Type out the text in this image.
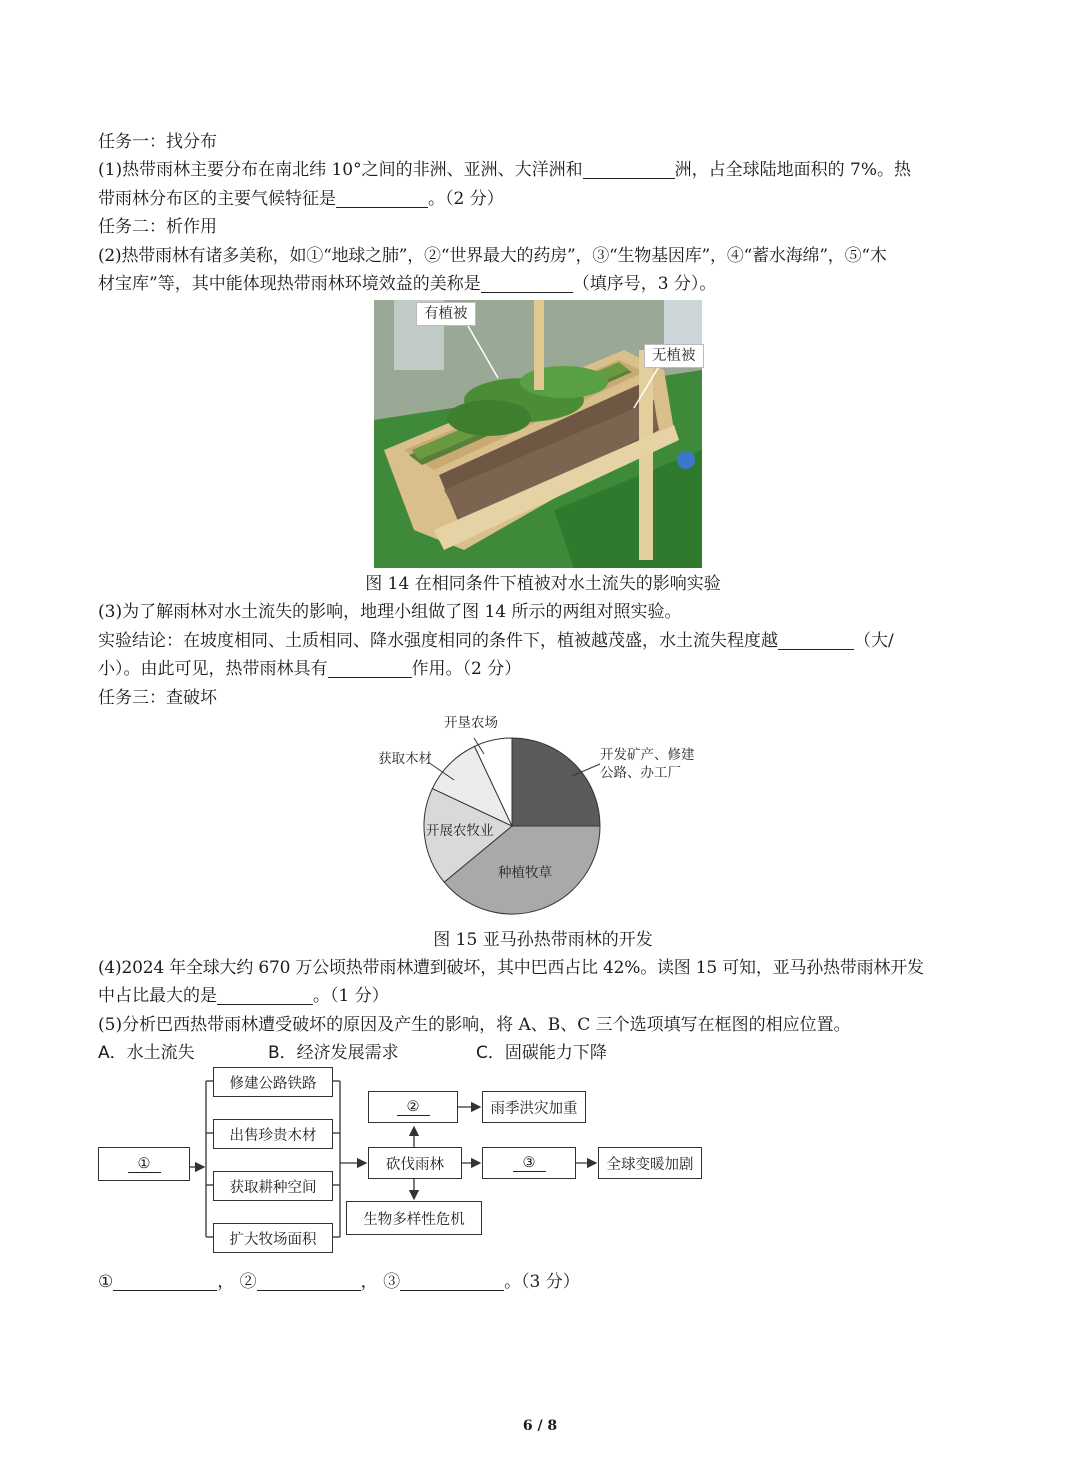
任务一：找分布
(1)热带雨林主要分布在南北纬 10°之间的非洲、亚洲、大洋洲和	洲，占全球陆地面积的 7%。热
带雨林分布区的主要气候特征是	。（2 分）
任务二：析作用
(2)热带雨林有诸多美称，如①“地球之肺”，②“世界最大的药房”，③“生物基因库”，④“蓄水海绵”，⑤“木
材宝库”等，其中能体现热带雨林环境效益的美称是	（填序号，3 分）。
有植被
无植被
图 14 在相同条件下植被对水土流失的影响实验
(3)为了解雨林对水土流失的影响，地理小组做了图 14 所示的两组对照实验。
实验结论：在坡度相同、土质相同、降水强度相同的条件下，植被越茂盛，水土流失程度越	（大/
小）。由此可见，热带雨林具有	作用。（2 分）
任务三：查破坏
开垦农场
获取木材	开发矿产、修建
公路、办工厂
开展农牧业
种植牧草
图 15 亚马孙热带雨林的开发
(4)2024 年全球大约 670 万公顷热带雨林遭到破坏，其中巴西占比 42%。读图 15 可知，亚马孙热带雨林开发
中占比最大的是	。（1 分）
(5)分析巴西热带雨林遭受破坏的原因及产生的影响，将 A、B、C 三个选项填写在框图的相应位置。
A．水土流失	B．经济发展需求	C．固碳能力下降
①
修建公路铁路
出售珍贵木材
获取耕种空间
扩大牧场面积
砍伐雨林
②	雨季洪灾加重
③	全球变暖加剧
生物多样性危机
①	， ②	， ③	。（3 分）
6 / 8
